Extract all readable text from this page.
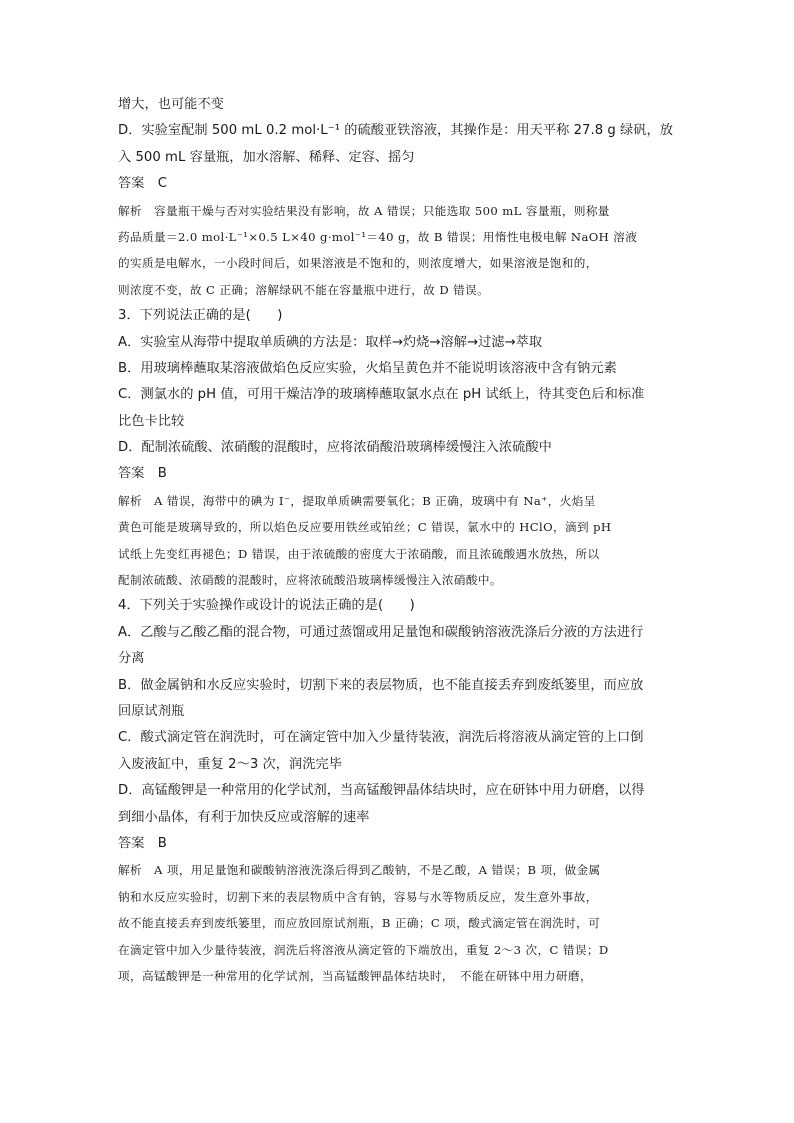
增大，也可能不变
D．实验室配制 500 mL 0.2 mol·L⁻¹ 的硫酸亚铁溶液，其操作是：用天平称 27.8 g 绿矾，放
入 500 mL 容量瓶，加水溶解、稀释、定容、摇匀
答案　C
解析　容量瓶干燥与否对实验结果没有影响，故 A 错误；只能选取 500 mL 容量瓶，则称量
药品质量＝2.0 mol·L⁻¹×0.5 L×40 g·mol⁻¹＝40 g，故 B 错误；用惰性电极电解 NaOH 溶液
的实质是电解水，一小段时间后，如果溶液是不饱和的，则浓度增大，如果溶液是饱和的，
则浓度不变，故 C 正确；溶解绿矾不能在容量瓶中进行，故 D 错误。
3．下列说法正确的是(　　)
A．实验室从海带中提取单质碘的方法是：取样→灼烧→溶解→过滤→萃取
B．用玻璃棒蘸取某溶液做焰色反应实验，火焰呈黄色并不能说明该溶液中含有钠元素
C．测氯水的 pH 值，可用干燥洁净的玻璃棒蘸取氯水点在 pH 试纸上，待其变色后和标准
比色卡比较
D．配制浓硫酸、浓硝酸的混酸时，应将浓硝酸沿玻璃棒缓慢注入浓硫酸中
答案　B
解析　A 错误，海带中的碘为 I⁻，提取单质碘需要氧化；B 正确，玻璃中有 Na⁺，火焰呈
黄色可能是玻璃导致的，所以焰色反应要用铁丝或铂丝；C 错误，氯水中的 HClO，滴到 pH
试纸上先变红再褪色；D 错误，由于浓硫酸的密度大于浓硝酸，而且浓硫酸遇水放热，所以
配制浓硫酸、浓硝酸的混酸时，应将浓硫酸沿玻璃棒缓慢注入浓硝酸中。
4．下列关于实验操作或设计的说法正确的是(　　)
A．乙酸与乙酸乙酯的混合物，可通过蒸馏或用足量饱和碳酸钠溶液洗涤后分液的方法进行
分离
B．做金属钠和水反应实验时，切割下来的表层物质，也不能直接丢弃到废纸篓里，而应放
回原试剂瓶
C．酸式滴定管在润洗时，可在滴定管中加入少量待装液，润洗后将溶液从滴定管的上口倒
入废液缸中，重复 2～3 次，润洗完毕
D．高锰酸钾是一种常用的化学试剂，当高锰酸钾晶体结块时，应在研钵中用力研磨，以得
到细小晶体，有利于加快反应或溶解的速率
答案　B
解析　A 项，用足量饱和碳酸钠溶液洗涤后得到乙酸钠，不是乙酸，A 错误；B 项，做金属
钠和水反应实验时，切割下来的表层物质中含有钠，容易与水等物质反应，发生意外事故，
故不能直接丢弃到废纸篓里，而应放回原试剂瓶，B 正确；C 项，酸式滴定管在润洗时，可
在滴定管中加入少量待装液，润洗后将溶液从滴定管的下端放出，重复 2～3 次，C 错误；D
项，高锰酸钾是一种常用的化学试剂，当高锰酸钾晶体结块时，　不能在研钵中用力研磨，
